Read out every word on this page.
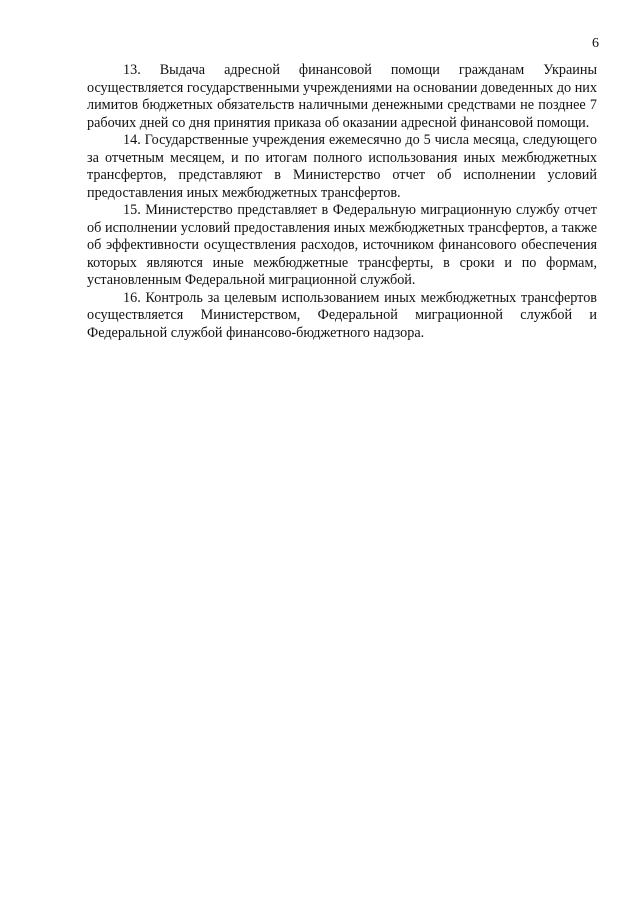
6

13. Выдача адресной финансовой помощи гражданам Украины осуществляется государственными учреждениями на основании доведенных до них лимитов бюджетных обязательств наличными денежными средствами не позднее 7 рабочих дней со дня принятия приказа об оказании адресной финансовой помощи.

14. Государственные учреждения ежемесячно до 5 числа месяца, следующего за отчетным месяцем, и по итогам полного использования иных межбюджетных трансфертов, представляют в Министерство отчет об исполнении условий предоставления иных межбюджетных трансфертов.

15. Министерство представляет в Федеральную миграционную службу отчет об исполнении условий предоставления иных межбюджетных трансфертов, а также об эффективности осуществления расходов, источником финансового обеспечения которых являются иные межбюджетные трансферты, в сроки и по формам, установленным Федеральной миграционной службой.

16. Контроль за целевым использованием иных межбюджетных трансфертов осуществляется Министерством, Федеральной миграционной службой и Федеральной службой финансово-бюджетного надзора.
